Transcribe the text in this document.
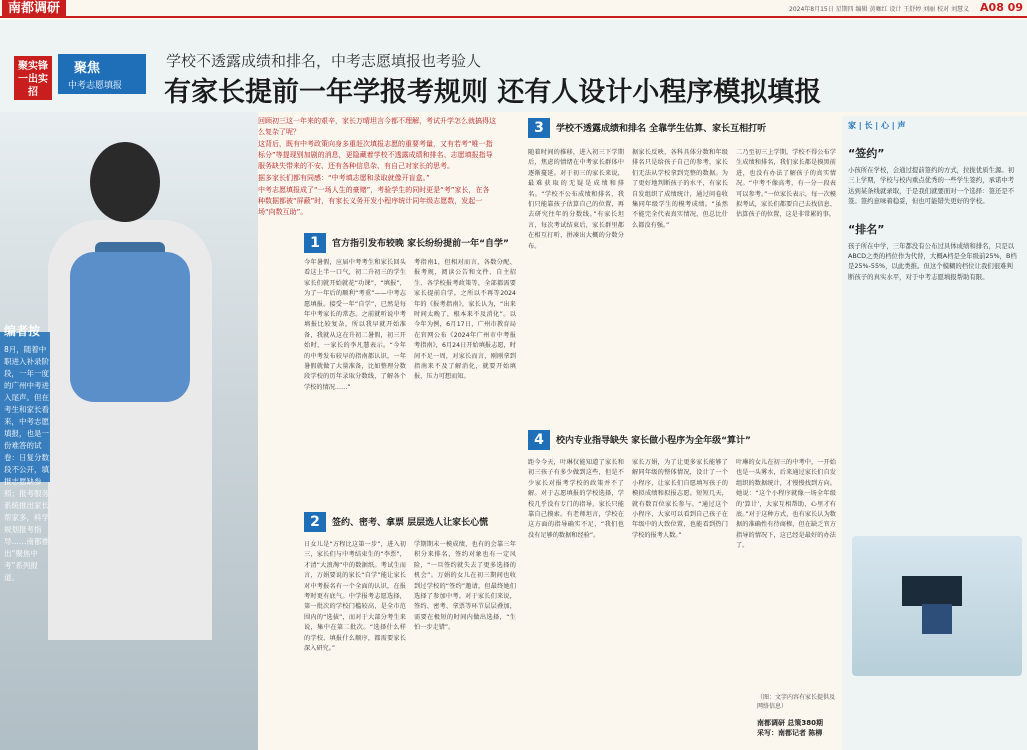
南都调研	2024年8月15日 星期四 编辑 黄咖红 设计 王舒婷 刘丽 校对 刘慧义 A08 09
聚实锋 一出实招
聚焦
中考志愿填报
学校不透露成绩和排名，中考志愿填报也考验人
有家长提前一年学报考规则 还有人设计小程序模拟填报
编者按
8月，随着中职进入补录阶段，一年一度的广州中考进入尾声。但在考生和家长看来，中考志愿填报，也是一份难答的试卷：日复分数段不公开，填报志愿缺参照；报考服务系统推出家长帮家多，科学规划报考指导……南都推出“聚焦中考”系列报道。

回顾初三这一年来的艰辛，家长万晴坦言今都不理解，考试升学怎么就搞得这么复杂了呢？

这背后，既有中考政策向身多重赶次填报志愿的重要考量，又有若考“唯一指标分”等提现别加剧的消息，更隐藏着学校不透露成绩和排名、志愿填报指导服务缺失带来的不安、还有各种信息杂、有自己对家长的思考。

据多家长们都有同感：“中考填志愿和录取就像开盲盒。”

中考志愿填报成了“一场人生的豪赌”，考验学生的同时更是“考”家长，在各种数据都被“屏蔽”时，有家长义务开发小程序统计同年级志愿数，发起一场“向数互助”。

1
难题
官方指引发布较晚 家长纷纷提前一年“自学”
今年暑假，应届中考考生和家长回头看这上半一口气，初二升初三的学生家长们就开始就花“功课”，“填报”，为了一年后的顺利“考重”——中考志愿填报。接受一年“自学”，已然是每年中考家长的常态。之前就听说中考填报比较复杂，所以我早就开始准备，我就从这在升初二暑假，初三开始时，一家长的李凡慧表示。“今年的中考发布较早的指南都认识，一年暑假就做了大量准备，比如整理分数段学校的历年录取分数线，了解各个学校的情况……”
考指南1，但相对而言，各数分配、报考规，阅读公告和文件、自主招生、各学校报考政策等，全部都需要家长提前自学。之所以不再等2024年的《报考指南》，家长认为，“出来时间太晚了，根本来不及消化”。以今年为例，6月17日，广州市教育局在官网公布《2024年广州市中考报考指南》，6月24日开始填报志愿，时间不足一周，对家长而言，刚刚拿到指南来不及了解消化，就要开始填报，压力可想而知。
2
难题
签约、密考、拿票 层层选人让家长心慌
日女儿是“方程比这第一步”，进入初三，家长们与中考结束生的“李票”，才清“大浪淘”中的数据纸。考试生而言，万娟要说的家长“自学”能让家长对中考报名有一个全面的认识，在报考时更有底气。中学报考志愿选择，第一批次的学校门槛较高，是全市范围内的“选拔”，而对于大部分考生来说，集中在第二批次。“选择什么样的学校、填报什么顺序，都需要家长深入研究。”
学期期末一模成绩，也有的会靠三年积分来排名，签约对象也有一定风险，“一旦签约就失去了更多选择的机会”。万娟的女儿在初三期间也收到过学校的“签约”邀请，但最终她们选择了参加中考。对于家长们来说，签约、密考、拿票等环节层层叠加，需要在极短的时间内做出选择，“生怕一步走错”。
3
难题
学校不透露成绩和排名 全靠学生估算、家长互相打听
随着时间的推移，进入初三下学期后，焦虑的情绪在中考家长群体中逐渐蔓延。对于初三的家长来说，最难获取的无疑是成绩和排名。“学校不公布成绩和排名，我们只能靠孩子估算自己的位置，再去研究往年的分数线。”有家长坦言，每次考试结束后，家长群里都在相互打听，拼凑出大概的分数分布。
据家长反映，各科具体分数和年级排名只是给孩子自己的参考，家长们无法从学校拿到完整的数据。为了更好地判断孩子的水平，有家长自发组织了成绩统计，通过问卷收集同年级学生的模考成绩。“虽然不能完全代表真实情况，但总比什么都没有强。”
二乃至初三上学期，学校不得公布学生成绩和排名，我们家长都是摸黑前进，也没有办法了解孩子的真实情况。“中考不像高考，有一分一段表可以参考。”一位家长表示，每一次模拟考试，家长们都要自己去找信息、估算孩子的位置，这是非常累的事。
4
难题
校内专业指导缺失 家长做小程序为全年级“算计”
距今今天，叶琳仅能知道了家长和初三孩子有多少做到这些，但是不少家长对报考学校的政策并不了解。对于志愿填报的学校选择，学校几乎没有专门的指导，家长只能靠自己摸索。有老师坦言，学校在这方面的指导确实不足，“我们也没有足够的数据和经验”。
家长万娟，为了让更多家长能够了解同年级的整体情况，设计了一个小程序，让家长们自愿填写孩子的模拟成绩和拟报志愿。短短几天，就有数百位家长参与。“通过这个小程序，大家可以看到自己孩子在年级中的大致位置，也能看到热门学校的报考人数。”
叶琳的女儿在初三的中考中，一开始也是一头雾水，后来通过家长们自发组织的数据统计，才慢慢找到方向。她说：“这个小程序就像一场全年级的‘算计’，大家互相帮助，心里才有底。”对于这种方式，也有家长认为数据的准确性有待商榷，但在缺乏官方指导的情况下，这已经是最好的办法了。
（图：文字内容有家长提供及网络信息）
南都调研 总策380期
采写：南都记者 陈柳
家 | 长 | 心 | 声
“签约”
小孩所在学校，会通过提前签约的方式，拉拢优质生源。初三上学期，学校与校内重点优秀的一些学生签约，承诺中考达到某条线就录取，于是我们就要面对一个选择：签还是不签。签约意味着稳妥，但也可能错失更好的学校。
“排名”
孩子所在中学，三年都没有公布过具体成绩和排名，只是以ABCD之类的档位作为代替，大概A档是全年级前25%，B档是25%-55%，以此类推。但这个模糊的档位让我们很难判断孩子的真实水平，对于中考志愿填报帮助有限。
